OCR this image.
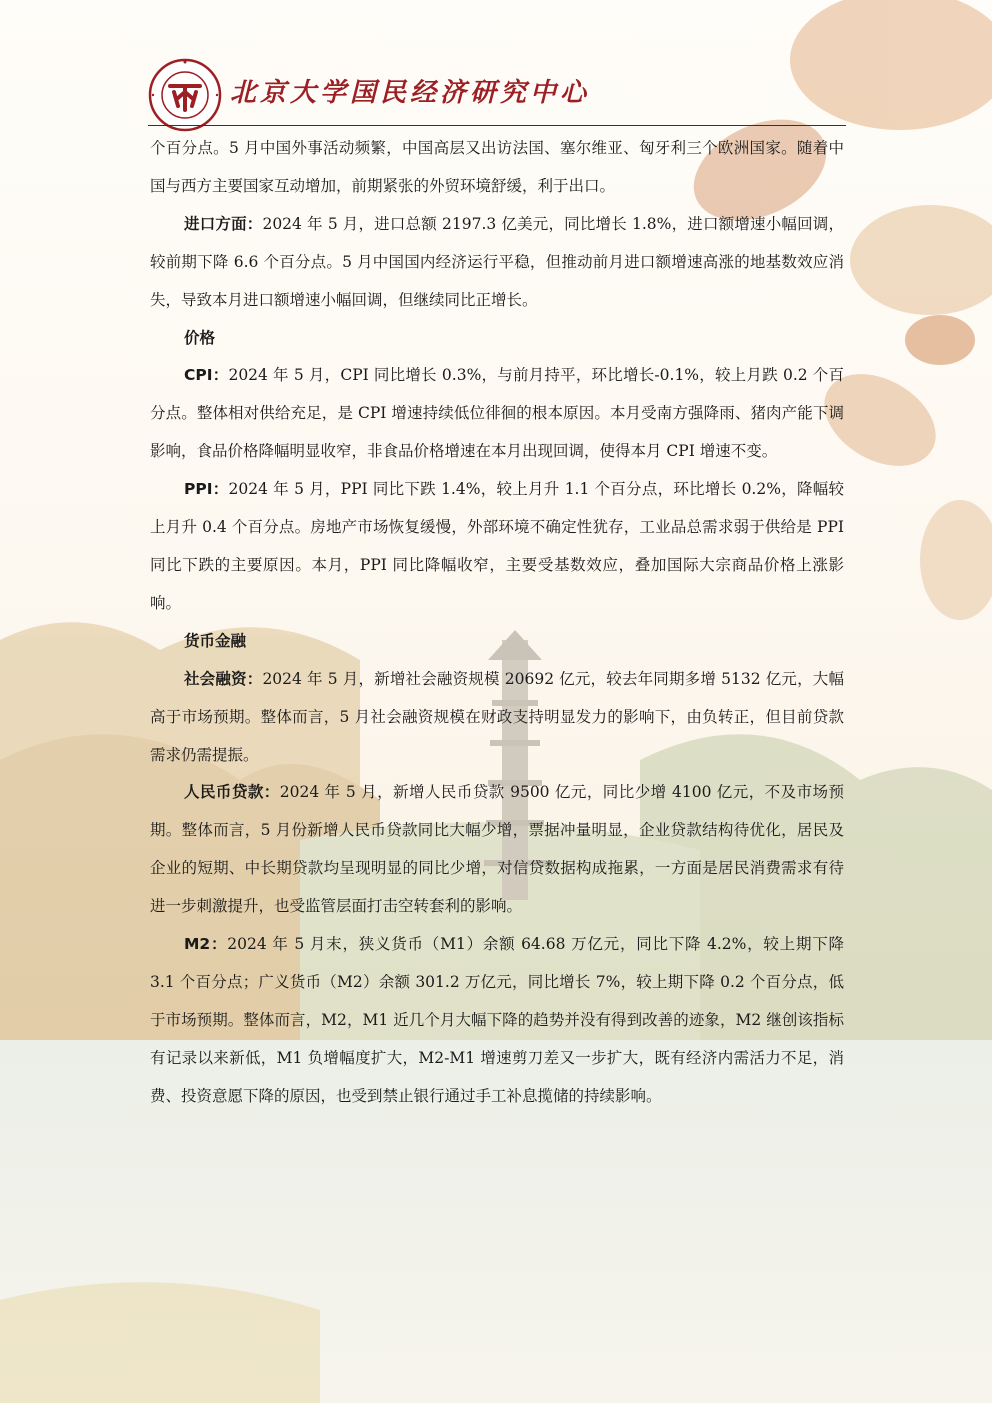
北京大学国民经济研究中心

个百分点。5 月中国外事活动频繁，中国高层又出访法国、塞尔维亚、匈牙利三个欧洲国家。随着中国与西方主要国家互动增加，前期紧张的外贸环境舒缓，利于出口。

进口方面：2024 年 5 月，进口总额 2197.3 亿美元，同比增长 1.8%，进口额增速小幅回调，较前期下降 6.6 个百分点。5 月中国国内经济运行平稳，但推动前月进口额增速高涨的地基数效应消失，导致本月进口额增速小幅回调，但继续同比正增长。

价格

CPI：2024 年 5 月，CPI 同比增长 0.3%，与前月持平，环比增长-0.1%，较上月跌 0.2 个百分点。整体相对供给充足，是 CPI 增速持续低位徘徊的根本原因。本月受南方强降雨、猪肉产能下调影响，食品价格降幅明显收窄，非食品价格增速在本月出现回调，使得本月 CPI 增速不变。

PPI：2024 年 5 月，PPI 同比下跌 1.4%，较上月升 1.1 个百分点，环比增长 0.2%，降幅较上月升 0.4 个百分点。房地产市场恢复缓慢，外部环境不确定性犹存，工业品总需求弱于供给是 PPI 同比下跌的主要原因。本月，PPI 同比降幅收窄，主要受基数效应，叠加国际大宗商品价格上涨影响。

货币金融

社会融资：2024 年 5 月，新增社会融资规模 20692 亿元，较去年同期多增 5132 亿元，大幅高于市场预期。整体而言，5 月社会融资规模在财政支持明显发力的影响下，由负转正，但目前贷款需求仍需提振。

人民币贷款：2024 年 5 月，新增人民币贷款 9500 亿元，同比少增 4100 亿元，不及市场预期。整体而言，5 月份新增人民币贷款同比大幅少增，票据冲量明显，企业贷款结构待优化，居民及企业的短期、中长期贷款均呈现明显的同比少增，对信贷数据构成拖累，一方面是居民消费需求有待进一步刺激提升，也受监管层面打击空转套利的影响。

M2：2024 年 5 月末，狭义货币（M1）余额 64.68 万亿元，同比下降 4.2%，较上期下降 3.1 个百分点；广义货币（M2）余额 301.2 万亿元，同比增长 7%，较上期下降 0.2 个百分点，低于市场预期。整体而言，M2，M1 近几个月大幅下降的趋势并没有得到改善的迹象，M2 继创该指标有记录以来新低，M1 负增幅度扩大，M2-M1 增速剪刀差又一步扩大，既有经济内需活力不足，消费、投资意愿下降的原因，也受到禁止银行通过手工补息揽储的持续影响。
